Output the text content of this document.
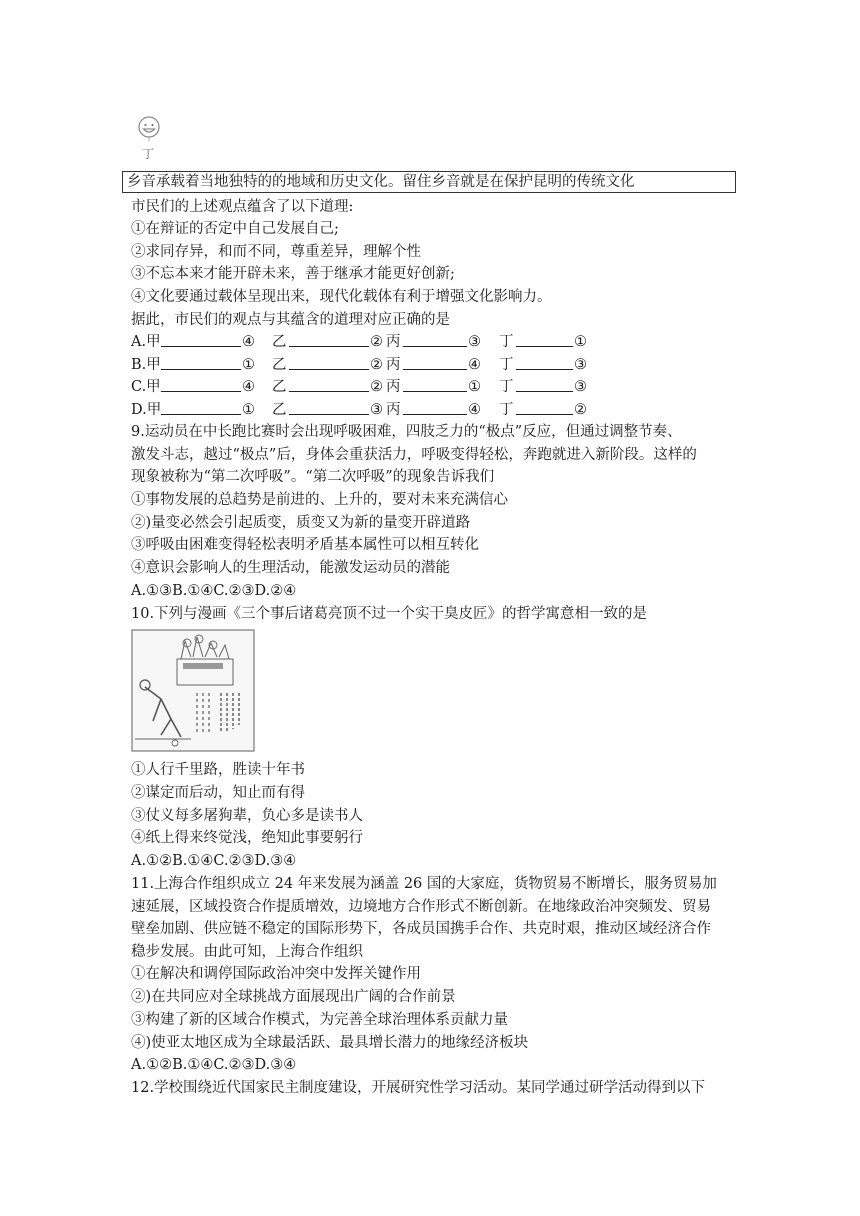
丁
乡音承载着当地独特的的地域和历史文化。留住乡音就是在保护昆明的传统文化
市民们的上述观点蕴含了以下道理:
①在辩证的否定中自己发展自己;
②求同存异，和而不同，尊重差异，理解个性
③不忘本来才能开辟未来，善于继承才能更好创新;
④文化要通过载体呈现出来，现代化载体有利于增强文化影响力。
据此，市民们的观点与其蕴含的道理对应正确的是
A.甲	④ 乙	② 丙	③ 丁	①
B.甲	① 乙	② 丙	④ 丁	③
C.甲	④ 乙	② 丙	① 丁	③
D.甲	① 乙	③ 丙	④ 丁	②
9.运动员在中长跑比赛时会出现呼吸困难，四肢乏力的“极点”反应，但通过调整节奏、
激发斗志，越过“极点”后，身体会重获活力，呼吸变得轻松，奔跑就进入新阶段。这样的
现象被称为“第二次呼吸”。“第二次呼吸”的现象告诉我们
①事物发展的总趋势是前进的、上升的，要对未来充满信心
②)量变必然会引起质变，质变又为新的量变开辟道路
③呼吸由困难变得轻松表明矛盾基本属性可以相互转化
④意识会影响人的生理活动，能激发运动员的潜能
A.①③B.①④C.②③D.②④
10.下列与漫画《三个事后诸葛亮顶不过一个实干臭皮匠》的哲学寓意相一致的是
①人行千里路，胜读十年书
②谋定而后动，知止而有得
③仗义每多屠狗辈，负心多是读书人
④纸上得来终觉浅，绝知此事要躬行
A.①②B.①④C.②③D.③④
11.上海合作组织成立 24 年来发展为涵盖 26 国的大家庭，货物贸易不断增长，服务贸易加
速延展，区域投资合作提质增效，边境地方合作形式不断创新。在地缘政治冲突频发、贸易
壁垒加剧、供应链不稳定的国际形势下，各成员国携手合作、共克时艰，推动区域经济合作
稳步发展。由此可知，上海合作组织
①在解决和调停国际政治冲突中发挥关键作用
②)在共同应对全球挑战方面展现出广阔的合作前景
③构建了新的区域合作模式，为完善全球治理体系贡献力量
④)使亚太地区成为全球最活跃、最具增长潜力的地缘经济板块
A.①②B.①④C.②③D.③④
12.学校围绕近代国家民主制度建设，开展研究性学习活动。某同学通过研学活动得到以下
